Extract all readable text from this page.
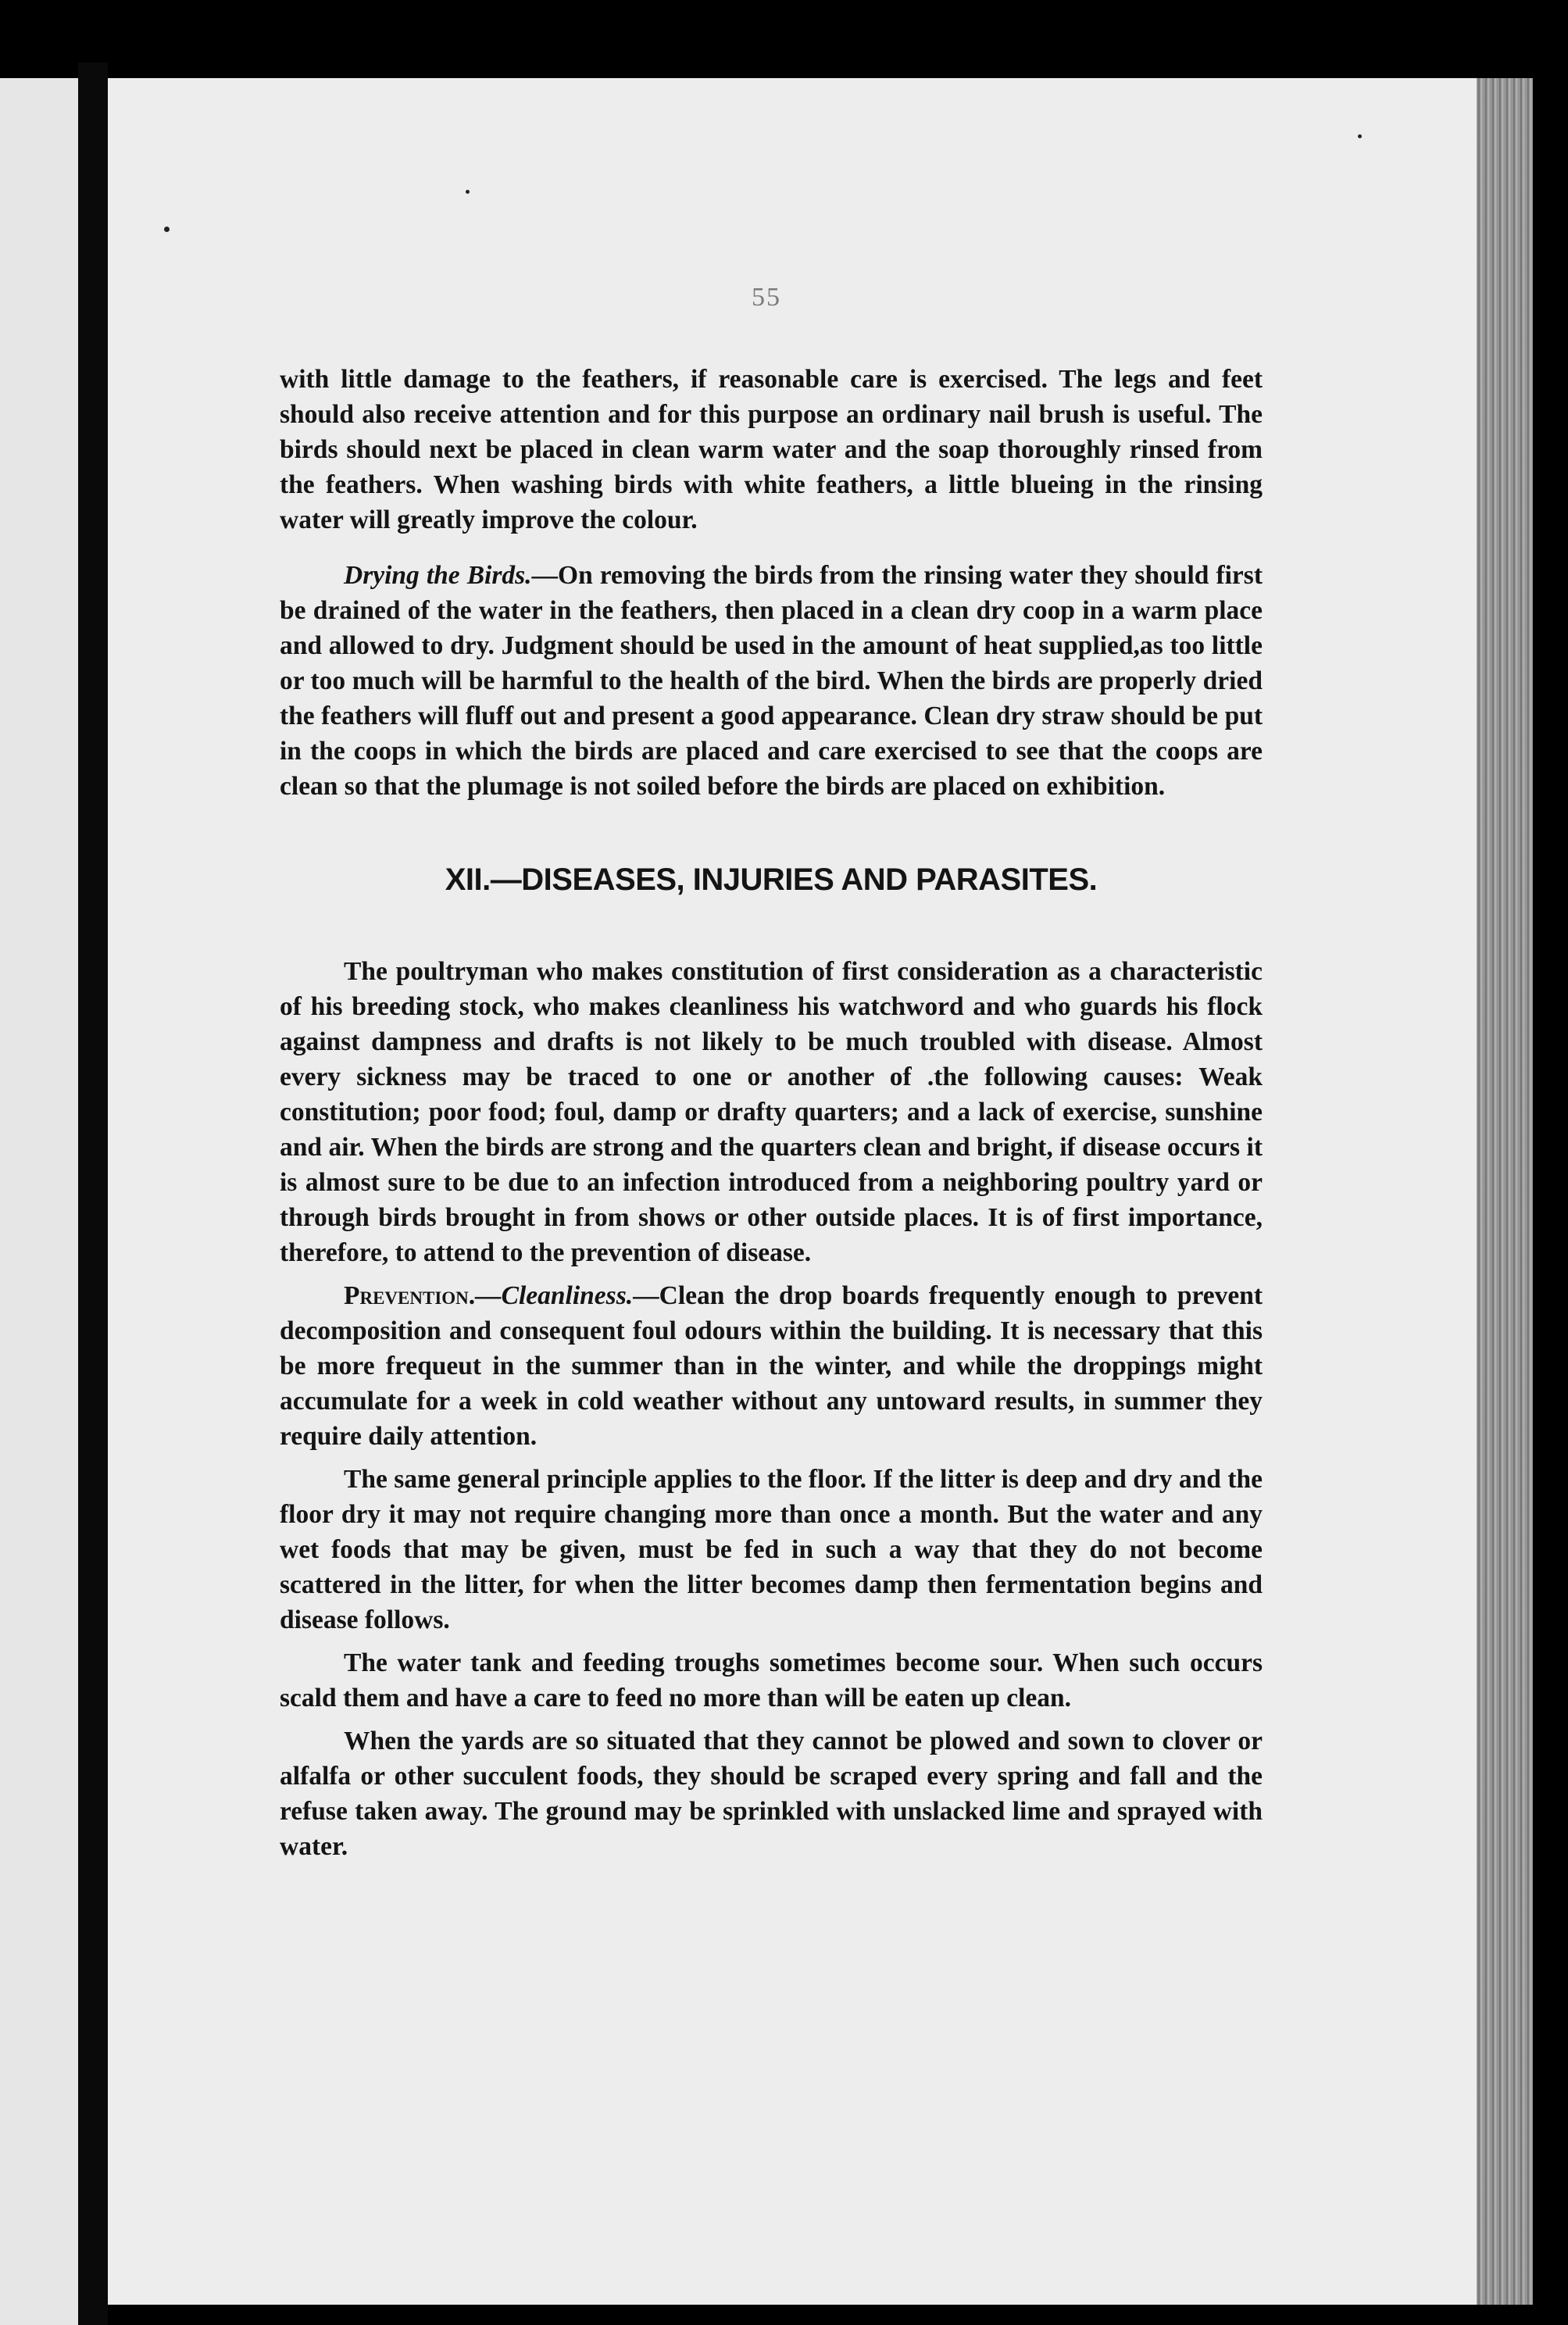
55

with little damage to the feathers, if reasonable care is exercised. The legs and feet should also receive attention and for this purpose an ordinary nail brush is useful. The birds should next be placed in clean warm water and the soap thoroughly rinsed from the feathers. When washing birds with white feathers, a little blueing in the rinsing water will greatly improve the colour.

Drying the Birds.—On removing the birds from the rinsing water they should first be drained of the water in the feathers, then placed in a clean dry coop in a warm place and allowed to dry. Judgment should be used in the amount of heat supplied,as too little or too much will be harmful to the health of the bird. When the birds are properly dried the feathers will fluff out and present a good appearance. Clean dry straw should be put in the coops in which the birds are placed and care exercised to see that the coops are clean so that the plumage is not soiled before the birds are placed on exhibition.

XII.—DISEASES, INJURIES AND PARASITES.

The poultryman who makes constitution of first consideration as a characteristic of his breeding stock, who makes cleanliness his watchword and who guards his flock against dampness and drafts is not likely to be much troubled with disease. Almost every sickness may be traced to one or another of .the following causes: Weak constitution; poor food; foul, damp or drafty quarters; and a lack of exercise, sunshine and air. When the birds are strong and the quarters clean and bright, if disease occurs it is almost sure to be due to an infection introduced from a neighboring poultry yard or through birds brought in from shows or other outside places. It is of first importance, therefore, to attend to the prevention of disease.

Prevention.—Cleanliness.—Clean the drop boards frequently enough to prevent decomposition and consequent foul odours within the building. It is necessary that this be more frequeut in the summer than in the winter, and while the droppings might accumulate for a week in cold weather without any untoward results, in summer they require daily attention.

The same general principle applies to the floor. If the litter is deep and dry and the floor dry it may not require changing more than once a month. But the water and any wet foods that may be given, must be fed in such a way that they do not become scattered in the litter, for when the litter becomes damp then fermentation begins and disease follows.

The water tank and feeding troughs sometimes become sour. When such occurs scald them and have a care to feed no more than will be eaten up clean.

When the yards are so situated that they cannot be plowed and sown to clover or alfalfa or other succulent foods, they should be scraped every spring and fall and the refuse taken away. The ground may be sprinkled with unslacked lime and sprayed with water.
